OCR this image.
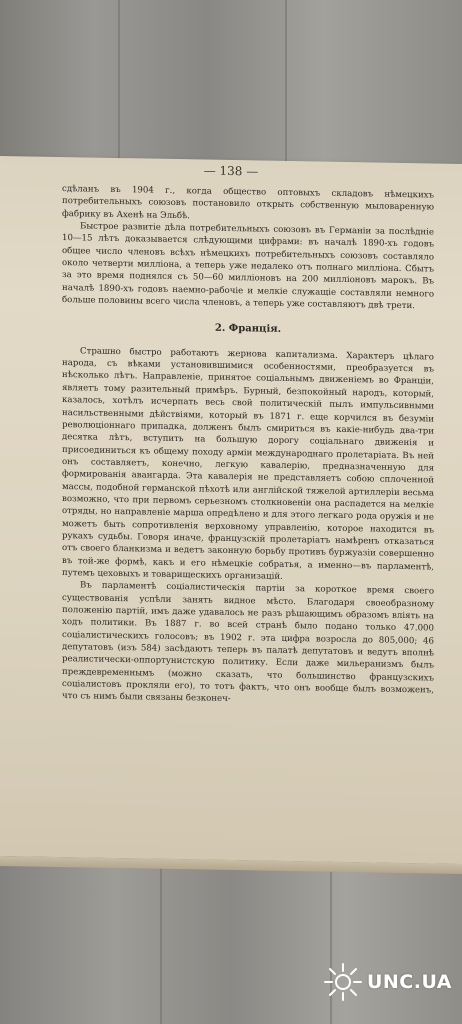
— 138 —

сдѣланъ въ 1904 г., когда общество оптовыхъ складовъ нѣмецкихъ потребительныхъ союзовъ постановило открыть собственную мыловаренную фабрику въ Ахенѣ на Эльбѣ.

Быстрое развитіе дѣла потребительныхъ союзовъ въ Германіи за послѣдніе 10—15 лѣтъ доказывается слѣдующими цифрами: въ началѣ 1890-хъ годовъ общее число членовъ всѣхъ нѣмецкихъ потребительныхъ союзовъ составляло около четверти милліона, а теперь уже недалеко отъ полнаго милліона. Сбытъ за это время поднялся съ 50—60 милліоновъ на 200 милліоновъ марокъ. Въ началѣ 1890-хъ годовъ наемно-рабочіе и мелкіе служащіе составляли немного больше половины всего числа членовъ, а теперь уже составляютъ двѣ трети.

2. Франція.

Страшно быстро работаютъ жернова капитализма. Характеръ цѣлаго народа, съ вѣками установившимися особенностями, преобразуется въ нѣсколько лѣтъ. Направленіе, принятое соціальнымъ движеніемъ во Франціи, являетъ тому разительный примѣръ. Бурный, безпокойный народъ, который, казалось, хотѣлъ исчерпать весь свой политическій пылъ импульсивными насильственными дѣйствіями, который въ 1871 г. еще корчился въ безуміи революціоннаго припадка, долженъ былъ смириться въ какіе-нибудь два-три десятка лѣтъ, вступить на большую дорогу соціальнаго движенія и присоединиться къ общему походу арміи международнаго пролетаріата. Въ ней онъ составляетъ, конечно, легкую кавалерію, предназначенную для формированія авангарда. Эта кавалерія не представляетъ собою сплоченной массы, подобной германской пѣхотѣ или англійской тяжелой артиллеріи весьма возможно, что при первомъ серьезномъ столкновеніи она распадется на мелкіе отряды, но направленіе марша опредѣлено и для этого легкаго рода оружія и не можетъ быть сопротивленія верховному управленію, которое находится въ рукахъ судьбы. Говоря иначе, французскій пролетаріатъ намѣренъ отказаться отъ своего бланкизма и ведетъ законную борьбу противъ буржуазіи совершенно въ той-же формѣ, какъ и его нѣмецкіе собратья, а именно—въ парламентѣ, путемъ цеховыхъ и товарищескихъ организацій.

Въ парламентѣ соціалистическія партіи за короткое время своего существованія успѣли занять видное мѣсто. Благодаря своеобразному положенію партій, имъ даже удавалось не разъ рѣшающимъ образомъ вліять на ходъ политики. Въ 1887 г. во всей странѣ было подано только 47.000 соціалистическихъ голосовъ; въ 1902 г. эта цифра возросла до 805,000; 46 депутатовъ (изъ 584) засѣдаютъ теперь въ палатѣ депутатовъ и ведутъ вполнѣ реалистически-оппортунистскую политику. Если даже мильеранизмъ былъ преждевременнымъ (можно сказать, что большинство французскихъ соціалистовъ прокляли его), то тотъ фактъ, что онъ вообще былъ возможенъ, что съ нимъ были связаны безконеч-

UNC.UA
